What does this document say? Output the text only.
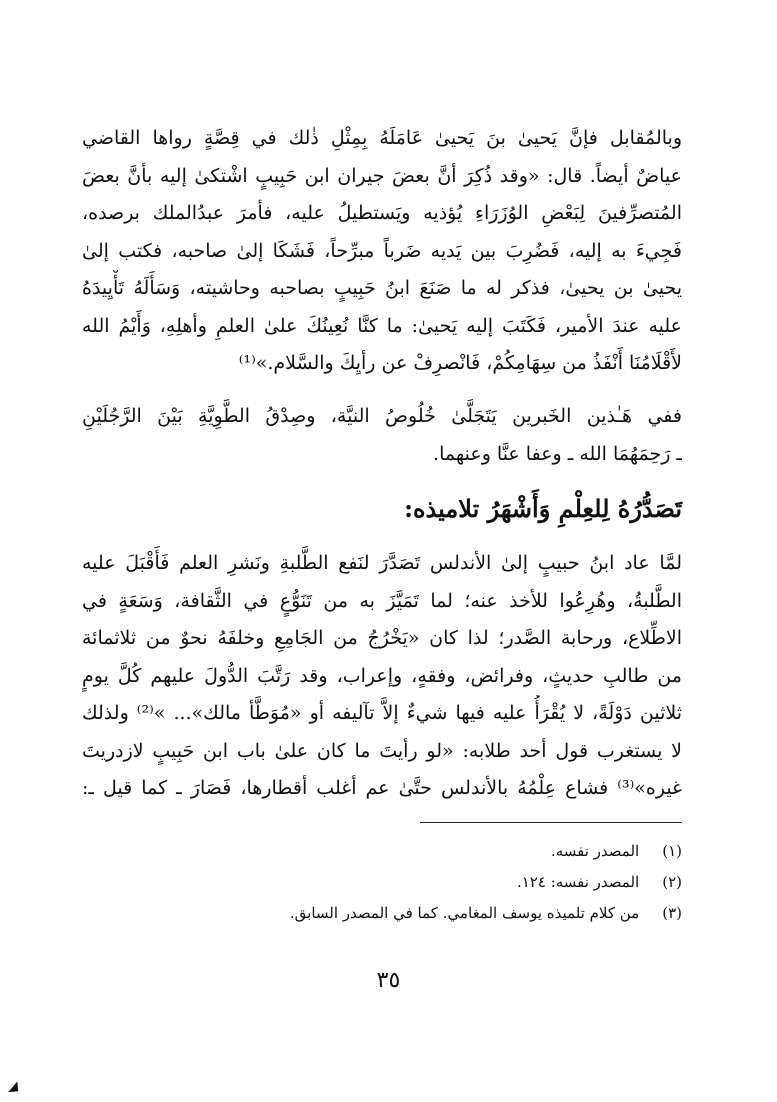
وبالمُقابل فإنَّ يَحيىٰ بنَ يَحيىٰ عَامَلَهُ بِمِثْلِ ذٰلك في قِصَّةٍ رواها القاضي
عياضٌ أيضاً. قال: «وقد ذُكِرَ أنَّ بعضَ جيران ابن حَبِيبٍ اشْتكىٰ إليه بأنَّ بعضَ
المُتصرِّفينَ لِبَعْضِ الوُزَرَاءِ يُؤذيه ويَستطيلُ عليه، فأمرَ عبدُالملك برصده،
فَجِيءَ به إليه، فَضُرِبَ بين يَديه ضَرباً مبرِّحاً، فَشَكَا إلىٰ صاحبه، فكتب إلىٰ
يحيىٰ بن يحيىٰ، فذكر له ما صَنَعَ ابنُ حَبِيبٍ بصاحبه وحاشيته، وَسَأَلَهُ تَأْيِيدَهُ
عليه عندَ الأمير، فَكَتَبَ إليه يَحيىٰ: ما كنَّا نُعِينُكَ علىٰ العلمِ وأهلِهِ، وَأَيْمُ الله
لأَقْلَامُنَا أَنْفَذُ من سِهَامِكُمْ، فَانْصرِفْ عن رأيِكَ والسَّلام.»⁽¹⁾
ففي هَـٰذين الخَبرين يَتَجَلَّىٰ خُلُوصُ النيَّة، وصِدْقُ الطَّوِيَّةِ بَيْنَ الرَّجُلَيْنِ
ـ رَحِمَهُمَا الله ـ وعفا عنَّا وعنهما.
تَصَدُّرُهُ لِلعِلْمِ وَأَشْهَرُ تلاميذه:
لمَّا عاد ابنُ حبيبٍ إلىٰ الأندلس تَصَدَّرَ لنَفع الطَّلبةِ ونَشرِ العلم فَأَقْبَلَ عليه
الطَّلبةُ، وهُرِعُوا للأخذ عنه؛ لما تَمَيَّزَ به من تَنَوُّعٍ في الثَّقافة، وَسَعَةٍ في
الاطِّلاع، ورحابة الصَّدر؛ لذا كان «يَخْرُجُ من الجَامِعِ وخلفَهُ نحوٌ من ثلاثمائة
من طالبِ حديثٍ، وفرائض، وفقهٍ، وإعراب، وقد رَتَّبَ الدُّولَ عليهم كُلَّ يومٍ
ثلاثين دَوْلَةً، لا يُقْرَأُ عليه فيها شيءٌ إلاَّ تآليفه أو «مُوَطَّأ مالك»... »⁽²⁾ ولذلك
لا يستغرب قول أحد طلابه: «لو رأيتَ ما كان علىٰ باب ابن حَبِيبٍ لازدريتَ
غيره»⁽³⁾ فشاع عِلْمُهُ بالأندلس حتَّىٰ عم أغلب أقطارها، فَصَارَ ـ كما قيل ـ:
(١) المصدر نفسه.
(٢) المصدر نفسه: ١٢٤.
(٣) من كلام تلميذه يوسف المغامي. كما في المصدر السابق.
٣٥
